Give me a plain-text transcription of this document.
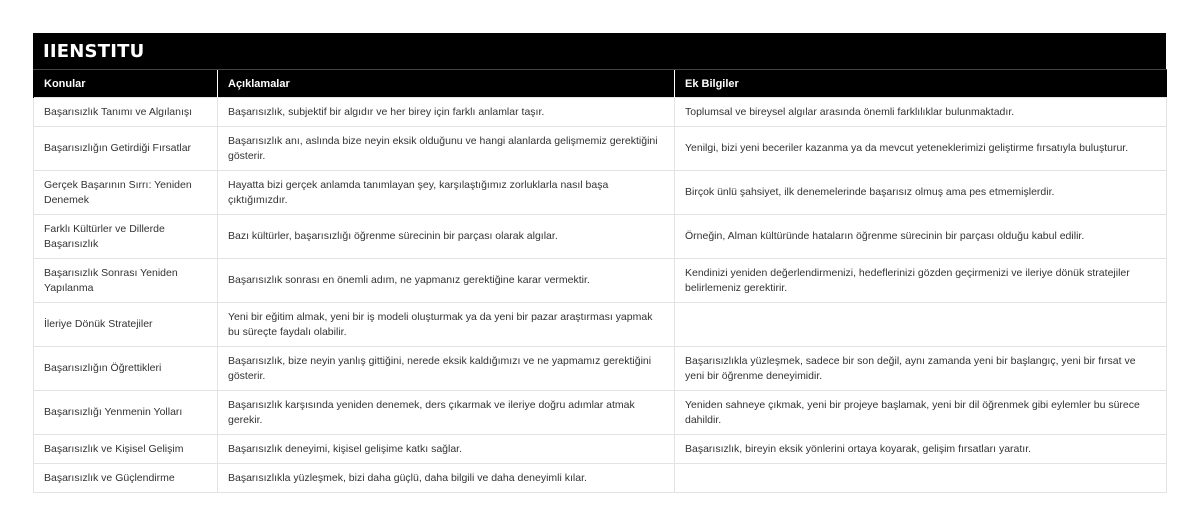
IIENSTITU
Konular	Açıklamalar	Ek Bilgiler
Başarısızlık Tanımı ve Algılanışı	Başarısızlık, subjektif bir algıdır ve her birey için farklı anlamlar taşır.	Toplumsal ve bireysel algılar arasında önemli farklılıklar bulunmaktadır.
Başarısızlığın Getirdiği Fırsatlar	Başarısızlık anı, aslında bize neyin eksik olduğunu ve hangi alanlarda gelişmemiz gerektiğini gösterir.	Yenilgi, bizi yeni beceriler kazanma ya da mevcut yeteneklerimizi geliştirme fırsatıyla buluşturur.
Gerçek Başarının Sırrı: Yeniden Denemek	Hayatta bizi gerçek anlamda tanımlayan şey, karşılaştığımız zorluklarla nasıl başa çıktığımızdır.	Birçok ünlü şahsiyet, ilk denemelerinde başarısız olmuş ama pes etmemişlerdir.
Farklı Kültürler ve Dillerde Başarısızlık	Bazı kültürler, başarısızlığı öğrenme sürecinin bir parçası olarak algılar.	Örneğin, Alman kültüründe hataların öğrenme sürecinin bir parçası olduğu kabul edilir.
Başarısızlık Sonrası Yeniden Yapılanma	Başarısızlık sonrası en önemli adım, ne yapmanız gerektiğine karar vermektir.	Kendinizi yeniden değerlendirmenizi, hedeflerinizi gözden geçirmenizi ve ileriye dönük stratejiler belirlemeniz gerektirir.
İleriye Dönük Stratejiler	Yeni bir eğitim almak, yeni bir iş modeli oluşturmak ya da yeni bir pazar araştırması yapmak bu süreçte faydalı olabilir.	
Başarısızlığın Öğrettikleri	Başarısızlık, bize neyin yanlış gittiğini, nerede eksik kaldığımızı ve ne yapmamız gerektiğini gösterir.	Başarısızlıkla yüzleşmek, sadece bir son değil, aynı zamanda yeni bir başlangıç, yeni bir fırsat ve yeni bir öğrenme deneyimidir.
Başarısızlığı Yenmenin Yolları	Başarısızlık karşısında yeniden denemek, ders çıkarmak ve ileriye doğru adımlar atmak gerekir.	Yeniden sahneye çıkmak, yeni bir projeye başlamak, yeni bir dil öğrenmek gibi eylemler bu sürece dahildir.
Başarısızlık ve Kişisel Gelişim	Başarısızlık deneyimi, kişisel gelişime katkı sağlar.	Başarısızlık, bireyin eksik yönlerini ortaya koyarak, gelişim fırsatları yaratır.
Başarısızlık ve Güçlendirme	Başarısızlıkla yüzleşmek, bizi daha güçlü, daha bilgili ve daha deneyimli kılar.	
